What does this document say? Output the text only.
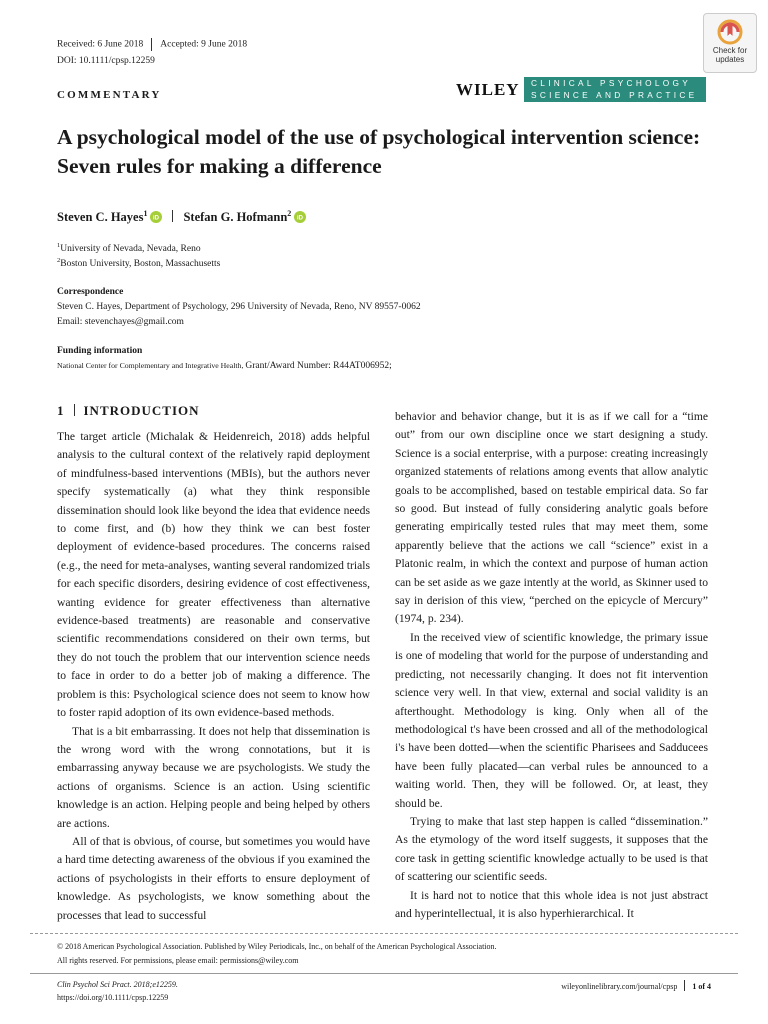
Received: 6 June 2018 Accepted: 9 June 2018
DOI: 10.1111/cpsp.12259
COMMENTARY	WILEY CLINICAL PSYCHOLOGY
SCIENCE AND PRACTICE
Check for
updates
A psychological model of the use of psychological intervention science: Seven rules for making a difference
Steven C. Hayes$^1$
iD Stefan G. Hofmann$^2$
iD
$^1$University of Nevada, Nevada, Reno
$^2$Boston University, Boston, Massachusetts
Correspondence
Steven C. Hayes, Department of Psychology, 296 University of Nevada, Reno, NV 89557-0062
Email: stevenchayes@gmail.com
Funding information
National Center for Complementary and Integrative Health, Grant/Award Number: R44AT006952;
1 INTRODUCTION

The target article (Michalak & Heidenreich, 2018) adds helpful analysis to the cultural context of the relatively rapid deployment of mindfulness-based interventions (MBIs), but the authors never specify systematically (a) what they think responsible dissemination should look like beyond the idea that evidence needs to come first, and (b) how they think we can best foster deployment of evidence-based procedures. The concerns raised (e.g., the need for meta-analyses, wanting several randomized trials for each specific disorders, desiring evidence of cost effectiveness, wanting evidence for greater effectiveness than alternative evidence-based treatments) are reasonable and conservative scientific recommendations considered on their own terms, but they do not touch the problem that our intervention science needs to face in order to do a better job of making a difference. The problem is this: Psychological science does not seem to know how to foster rapid adoption of its own evidence-based methods.

That is a bit embarrassing. It does not help that dissemination is the wrong word with the wrong connotations, but it is embarrassing anyway because we are psychologists. We study the actions of organisms. Science is an action. Using scientific knowledge is an action. Helping people and being helped by others are actions.

All of that is obvious, of course, but sometimes you would have a hard time detecting awareness of the obvious if you examined the actions of psychologists in their efforts to ensure deployment of knowledge. As psychologists, we know something about the processes that lead to successful

behavior and behavior change, but it is as if we call for a “time out” from our own discipline once we start designing a study. Science is a social enterprise, with a purpose: creating increasingly organized statements of relations among events that allow analytic goals to be accomplished, based on testable empirical data. So far so good. But instead of fully considering analytic goals before generating empirically tested rules that may meet them, some apparently believe that the actions we call “science” exist in a Platonic realm, in which the context and purpose of human action can be set aside as we gaze intently at the world, as Skinner used to say in derision of this view, “perched on the epicycle of Mercury” (1974, p. 234).

In the received view of scientific knowledge, the primary issue is one of modeling that world for the purpose of understanding and predicting, not necessarily changing. It does not fit intervention science very well. In that view, external and social validity is an afterthought. Methodology is king. Only when all of the methodological t's have been crossed and all of the methodological i's have been dotted—when the scientific Pharisees and Sadducees have been fully placated—can verbal rules be announced to a waiting world. Then, they will be followed. Or, at least, they should be.

Trying to make that last step happen is called “dissemination.” As the etymology of the word itself suggests, it supposes that the core task in getting scientific knowledge actually to be used is that of scattering our scientific seeds.

It is hard not to notice that this whole idea is not just abstract and hyperintellectual, it is also hyperhierarchical. It

© 2018 American Psychological Association. Published by Wiley Periodicals, Inc., on behalf of the American Psychological Association.
All rights reserved. For permissions, please email: permissions@wiley.com
Clin Psychol Sci Pract. 2018;e12259.
https://doi.org/10.1111/cpsp.12259
wileyonlinelibrary.com/journal/cpsp 1 of 4
